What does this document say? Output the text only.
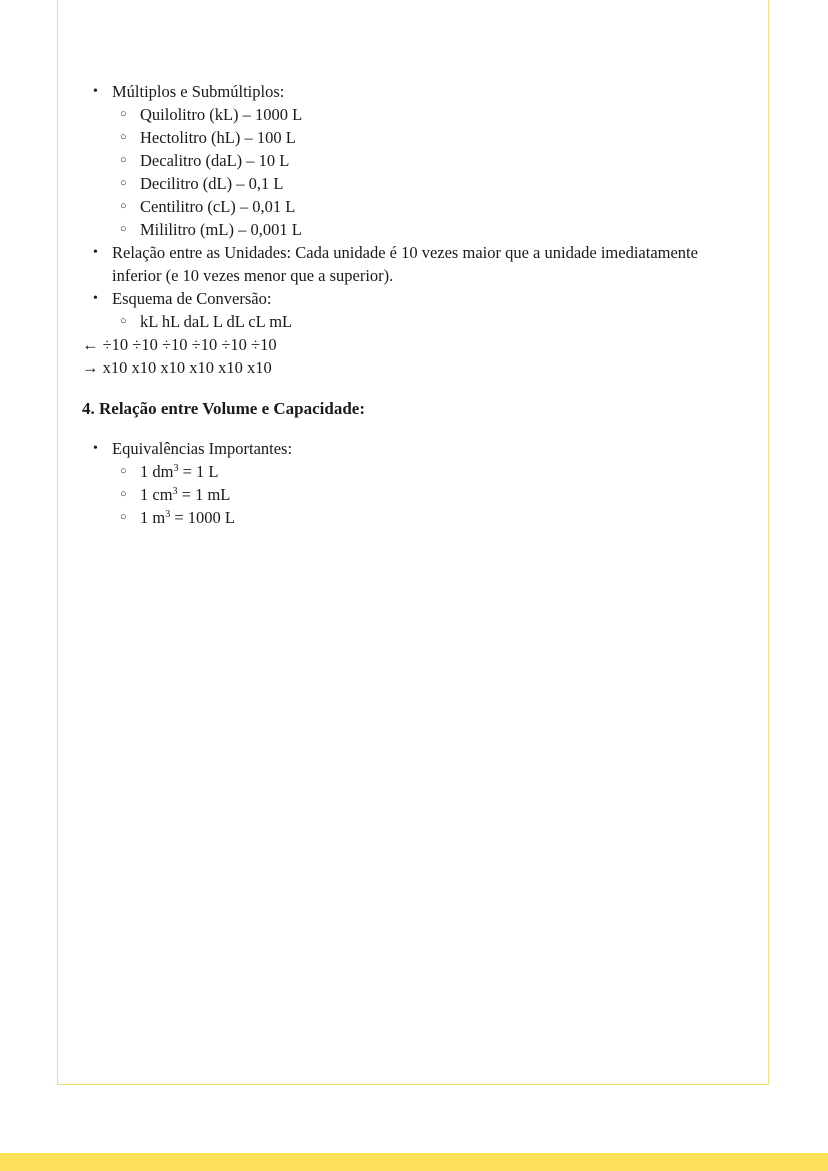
• Múltiplos e Submúltiplos:
○ Quilolitro (kL) – 1000 L
○ Hectolitro (hL) – 100 L
○ Decalitro (daL) – 10 L
○ Decilitro (dL) – 0,1 L
○ Centilitro (cL) – 0,01 L
○ Mililitro (mL) – 0,001 L
• Relação entre as Unidades: Cada unidade é 10 vezes maior que a unidade imediatamente inferior (e 10 vezes menor que a superior).
• Esquema de Conversão:
○ kL hL daL L dL cL mL
← ÷10 ÷10 ÷10 ÷10 ÷10 ÷10
→ x10 x10 x10 x10 x10 x10
4. Relação entre Volume e Capacidade:
• Equivalências Importantes:
○ 1 $dm^3 = 1$ L
○ 1 $cm^3 = 1$ mL
○ 1 $m^3 = 1000$ L
